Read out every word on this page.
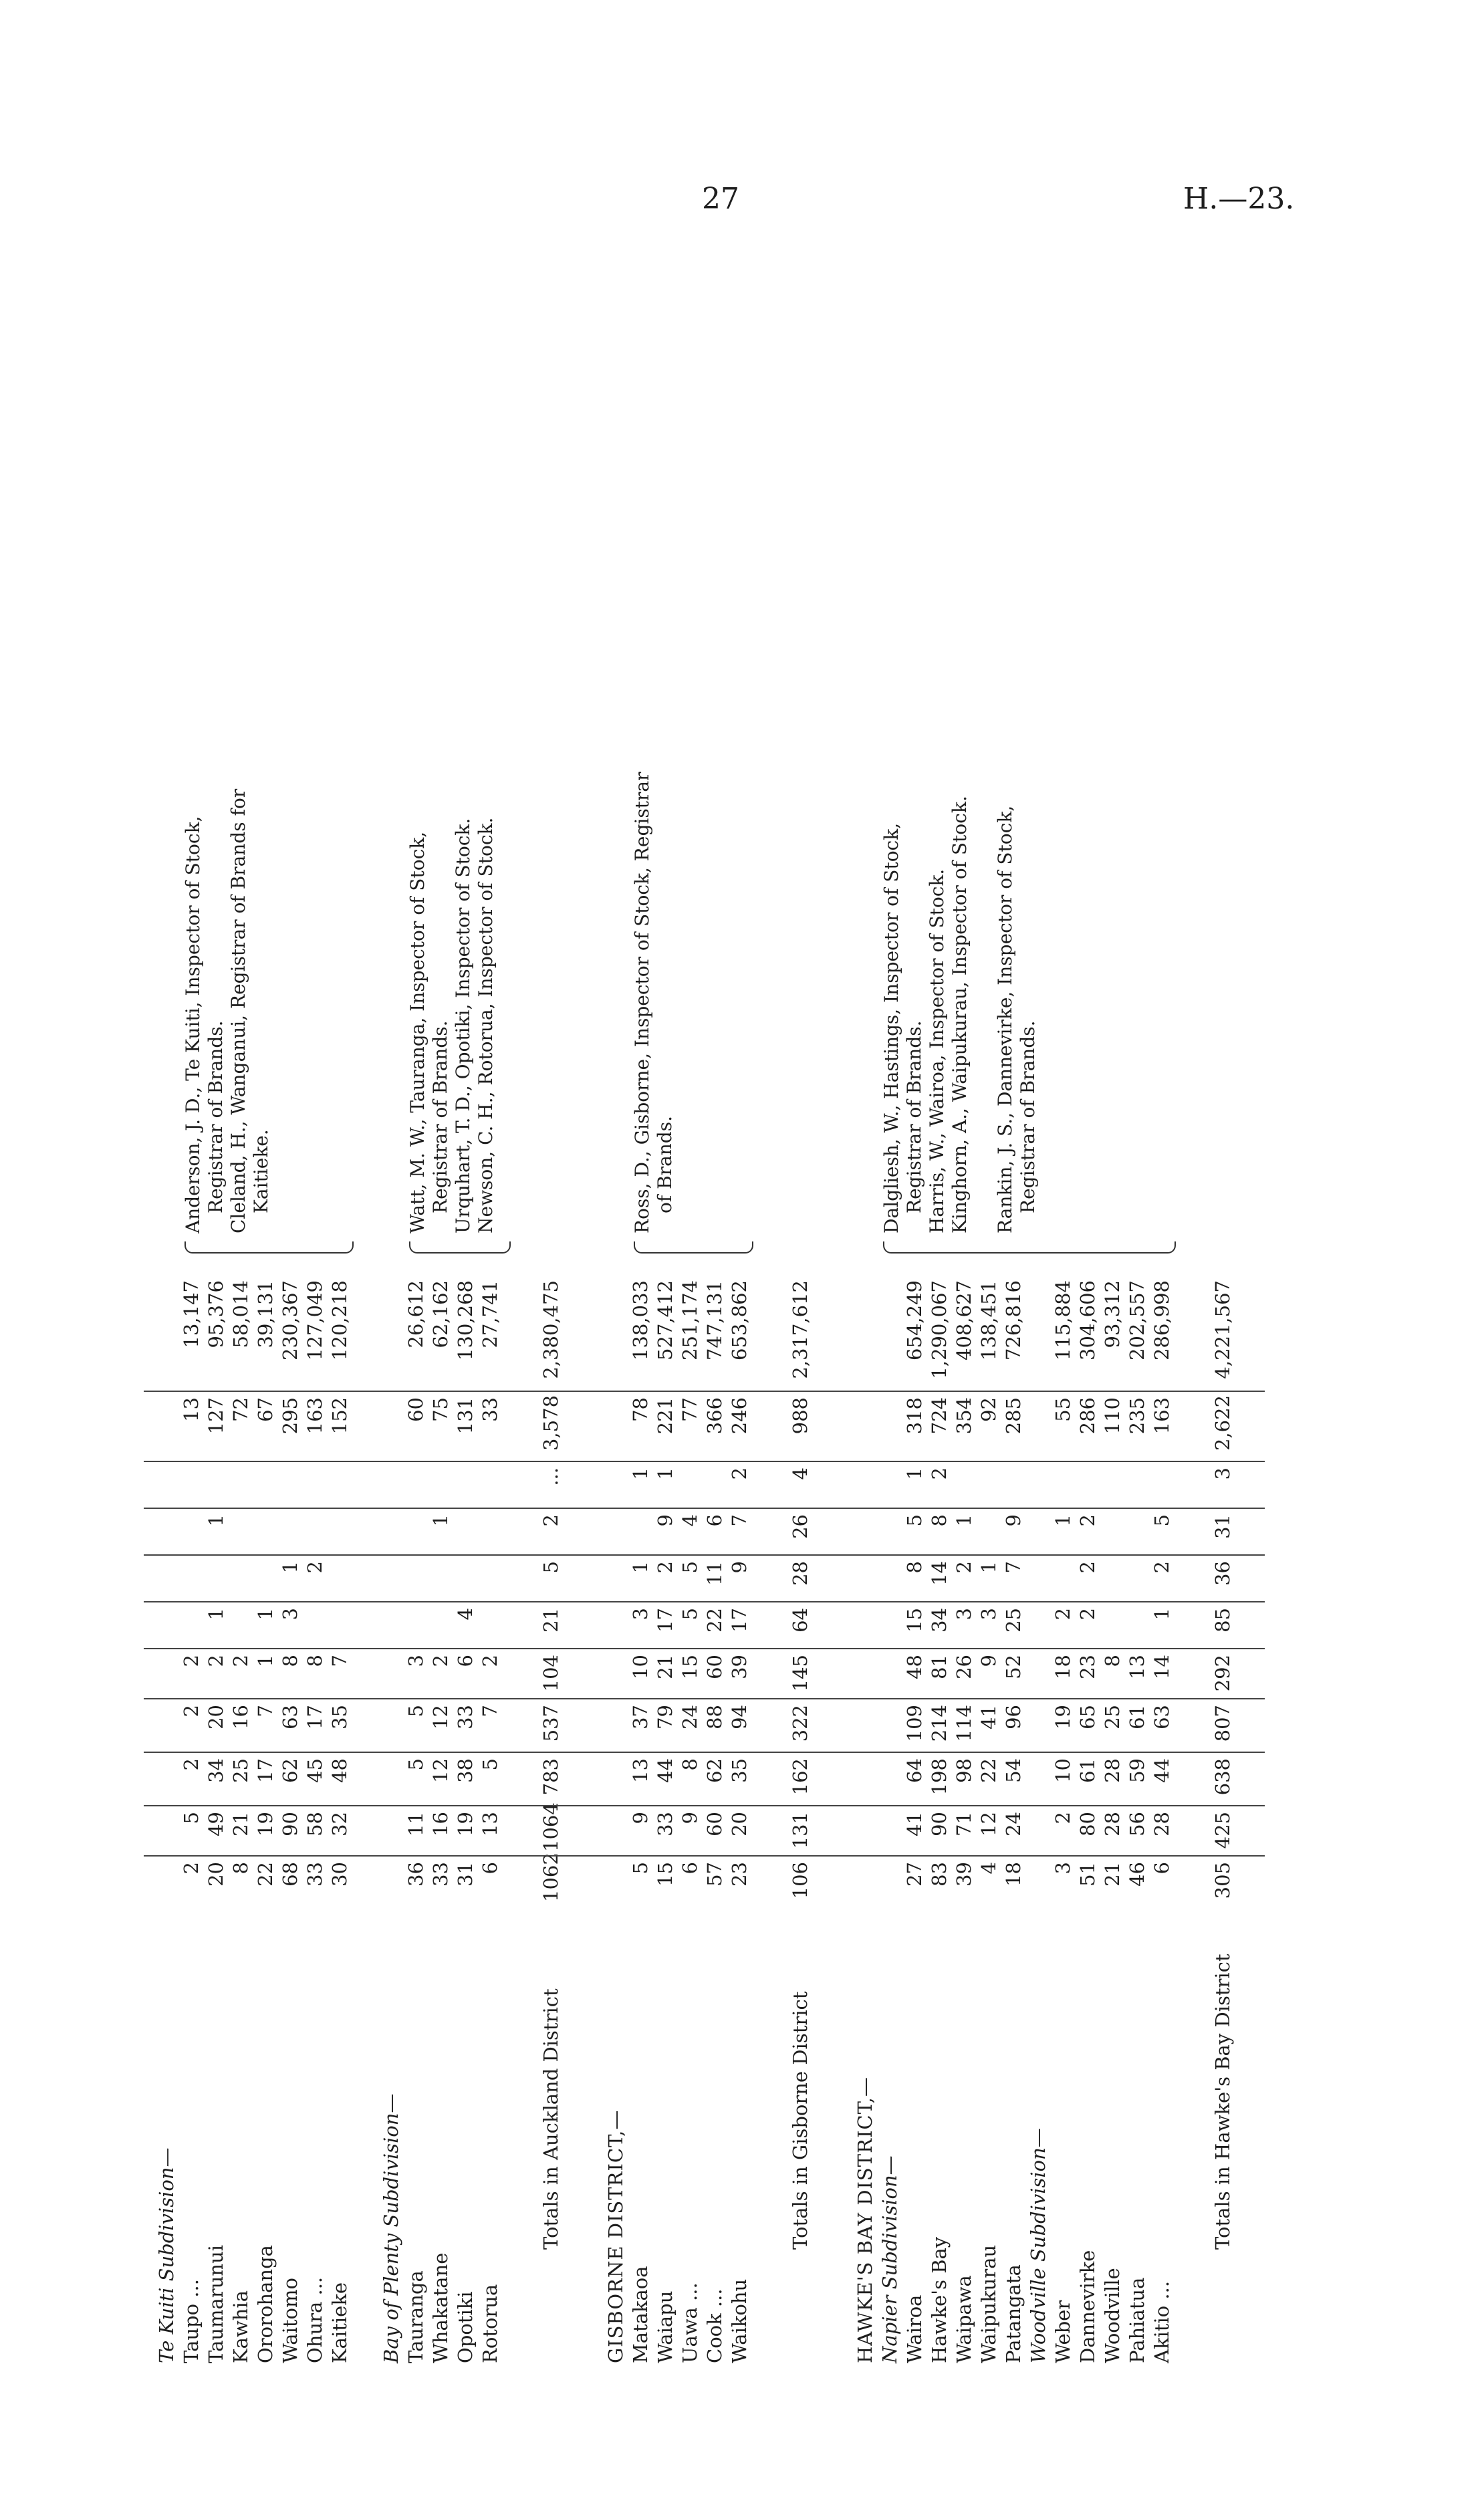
27	H.—23.
Te Kuiti Subdivision— Taupo ...
2
5
2
2
2
13
13,147
Taumarunui
20
49
34
20
2
1
1
127
95,376
Kawhia
8
21
25
16
2
72
58,014
Ororohanga
22
19
17
7
1
1
67
39,131
Waitomo
68
90
62
63
8
3
1
295
230,367
Ohura ...
33
58
45
17
8
2
163
127,049
Kaitieke
30
32
48
35
7
152
120,218
Anderson, J. D., Te Kuiti, Inspector of Stock, Registrar of Brands. Cleland, H., Wanganui, Registrar of Brands for Kaitieke.
Bay of Plenty Subdivision— Tauranga
36
11
5
5
3
60
26,612
Whakatane
33
16
12
12
2
1
75
62,162
Opotiki
31
19
38
33
6
4
131
130,268
Rotorua
6
13
5
7
2
33
27,741
Watt, M. W., Tauranga, Inspector of Stock, Registrar of Brands. Urquhart, T. D., Opotiki, Inspector of Stock. Newson, C. H., Rotorua, Inspector of Stock.
Totals in Auckland District
1062
1064
783
537
104
21
5
2
...
3,578
2,380,475
GISBORNE DISTRICT,— Matakaoa
5
9
13
37
10
3
1
1
78
138,033
Waiapu
15
33
44
79
21
17
2
9
1
221
527,412
Uawa ...
6
9
8
24
15
5
5
4
77
251,174
Cook ...
57
60
62
88
60
22
11
6
366
747,131
Waikohu
23
20
35
94
39
17
9
7
2
246
653,862
Ross, D., Gisborne, Inspector of Stock, Registrar of Brands.
Totals in Gisborne District
106
131
162
322
145
64
28
26
4
988
2,317,612
HAWKE'S BAY DISTRICT,— Napier Subdivision— Wairoa
27
41
64
109
48
15
8
5
1
318
654,249
Hawke's Bay
83
90
198
214
81
34
14
8
2
724
1,290,067
Waipawa
39
71
98
114
26
3
2
1
354
408,627
Waipukurau
4
12
22
41
9
3
1
92
138,451
Patangata
18
24
54
96
52
25
7
9
285
726,816
Woodville Subdivision— Weber
3
2
10
19
18
2
1
55
115,884
Dannevirke
51
80
61
65
23
2
2
2
286
304,606
Woodville
21
28
28
25
8
110
93,312
Pahiatua
46
56
59
61
13
235
202,557
Akitio ...
6
28
44
63
14
1
2
5
163
286,998
Dalgliesh, W., Hastings, Inspector of Stock, Registrar of Brands. Harris, W., Wairoa, Inspector of Stock. Kinghorn, A., Waipukurau, Inspector of Stock. Rankin, J. S., Dannevirke, Inspector of Stock, Registrar of Brands.
Totals in Hawke's Bay District
305
425
638
807
292
85
36
31
3
2,622
4,221,567
